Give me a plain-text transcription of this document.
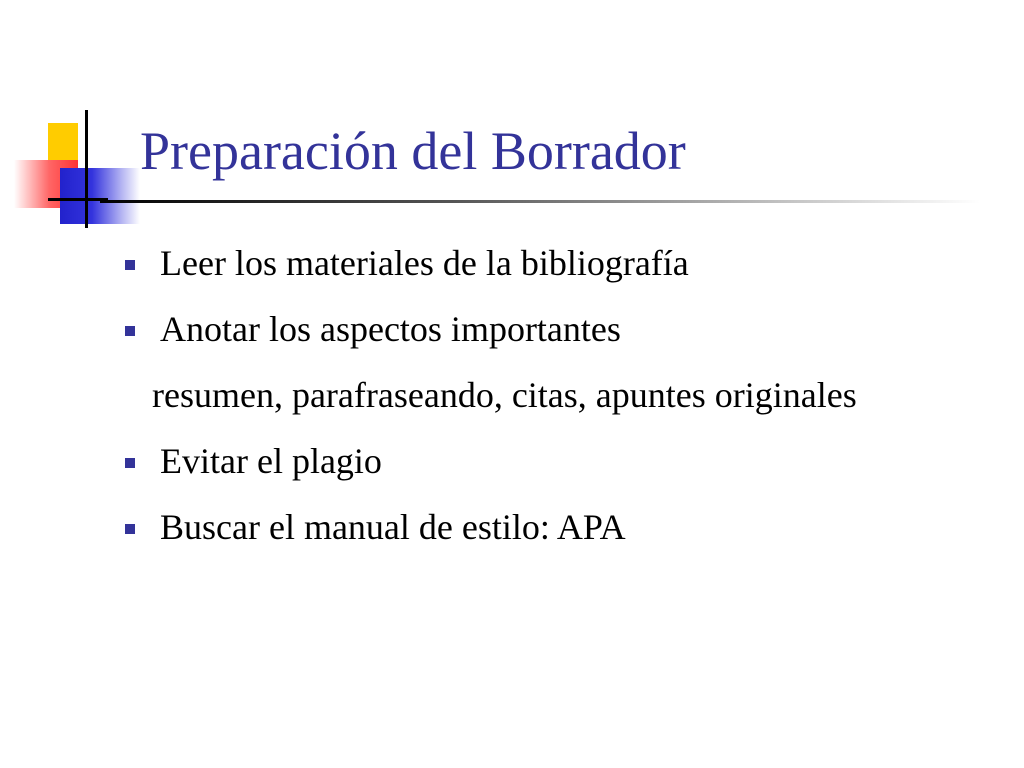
Preparación del Borrador
Leer los materiales de la bibliografía
Anotar los aspectos importantes
resumen, parafraseando, citas, apuntes originales
Evitar el plagio
Buscar el manual de estilo: APA
